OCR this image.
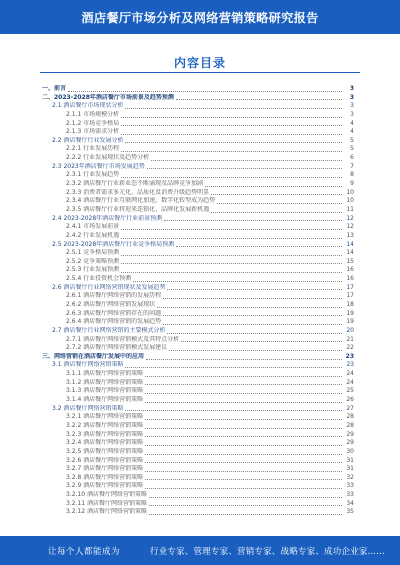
酒店餐厅市场分析及网络营销策略研究报告
内容目录
一、前言	3
二、2023-2028年酒店餐厅市场前景及趋势预测	3
2.1 酒店餐厅市场现状分析	3
2.1.1 市场规模分析	3
2.1.2 市场竞争格局	4
2.1.3 市场需求分析	4
2.2 酒店餐厅行业发展分析	5
2.2.1 行业发展历程	5
2.2.2 行业发展现状及趋势分析	6
2.3 2023年酒店餐厅市场发展趋势	7
2.3.1 行业发展趋势	8
2.3.2 酒店餐厅行业新业态不断涌现及品牌竞争加剧	9
2.3.3 消费者需求多元化、品质化及消费升级趋势明显	10
2.3.4 酒店餐厅行业互联网化加速，数字化转型成为趋势	10
2.3.5 酒店餐厅行业将迎来连锁化、品牌化发展新机遇	11
2.4 2023-2028年酒店餐厅行业前景预测	12
2.4.1 市场发展前景	12
2.4.2 行业发展机遇	13
2.5 2023-2028年酒店餐厅行业竞争格局预测	14
2.5.1 竞争格局预测	14
2.5.2 竞争策略预测	15
2.5.3 行业发展预测	16
2.5.4 行业投资机会预测	16
2.6 酒店餐厅行业网络营销现状及发展趋势	17
2.6.1 酒店餐厅网络营销的发展历程	17
2.6.2 酒店餐厅网络营销发展现状	18
2.6.3 酒店餐厅网络营销存在的问题	19
2.6.4 酒店餐厅网络营销的发展趋势	19
2.7 酒店餐厅行业网络营销的主要模式分析	20
2.7.1 酒店餐厅网络营销模式及其特点分析	21
2.7.2 酒店餐厅网络营销模式发展建议	22
三、网络营销在酒店餐厅发展中的应用	23
3.1 酒店餐厅网络营销策略	23
3.1.1 酒店餐厅网络营销策略	24
3.1.2 酒店餐厅网络营销策略	24
3.1.3 酒店餐厅网络营销策略	25
3.1.4 酒店餐厅网络营销策略	26
3.2 酒店餐厅网络营销策略	27
3.2.1 酒店餐厅网络营销策略	28
3.2.2 酒店餐厅网络营销策略	28
3.2.3 酒店餐厅网络营销策略	29
3.2.4 酒店餐厅网络营销策略	29
3.2.5 酒店餐厅网络营销策略	30
3.2.6 酒店餐厅网络营销策略	31
3.2.7 酒店餐厅网络营销策略	31
3.2.8 酒店餐厅网络营销策略	32
3.2.9 酒店餐厅网络营销策略	33
3.2.10 酒店餐厅网络营销策略	33
3.2.11 酒店餐厅网络营销策略	34
3.2.12 酒店餐厅网络营销策略	35
让每个人都能成为	行业专家、管理专家、营销专家、战略专家、成功企业家……
